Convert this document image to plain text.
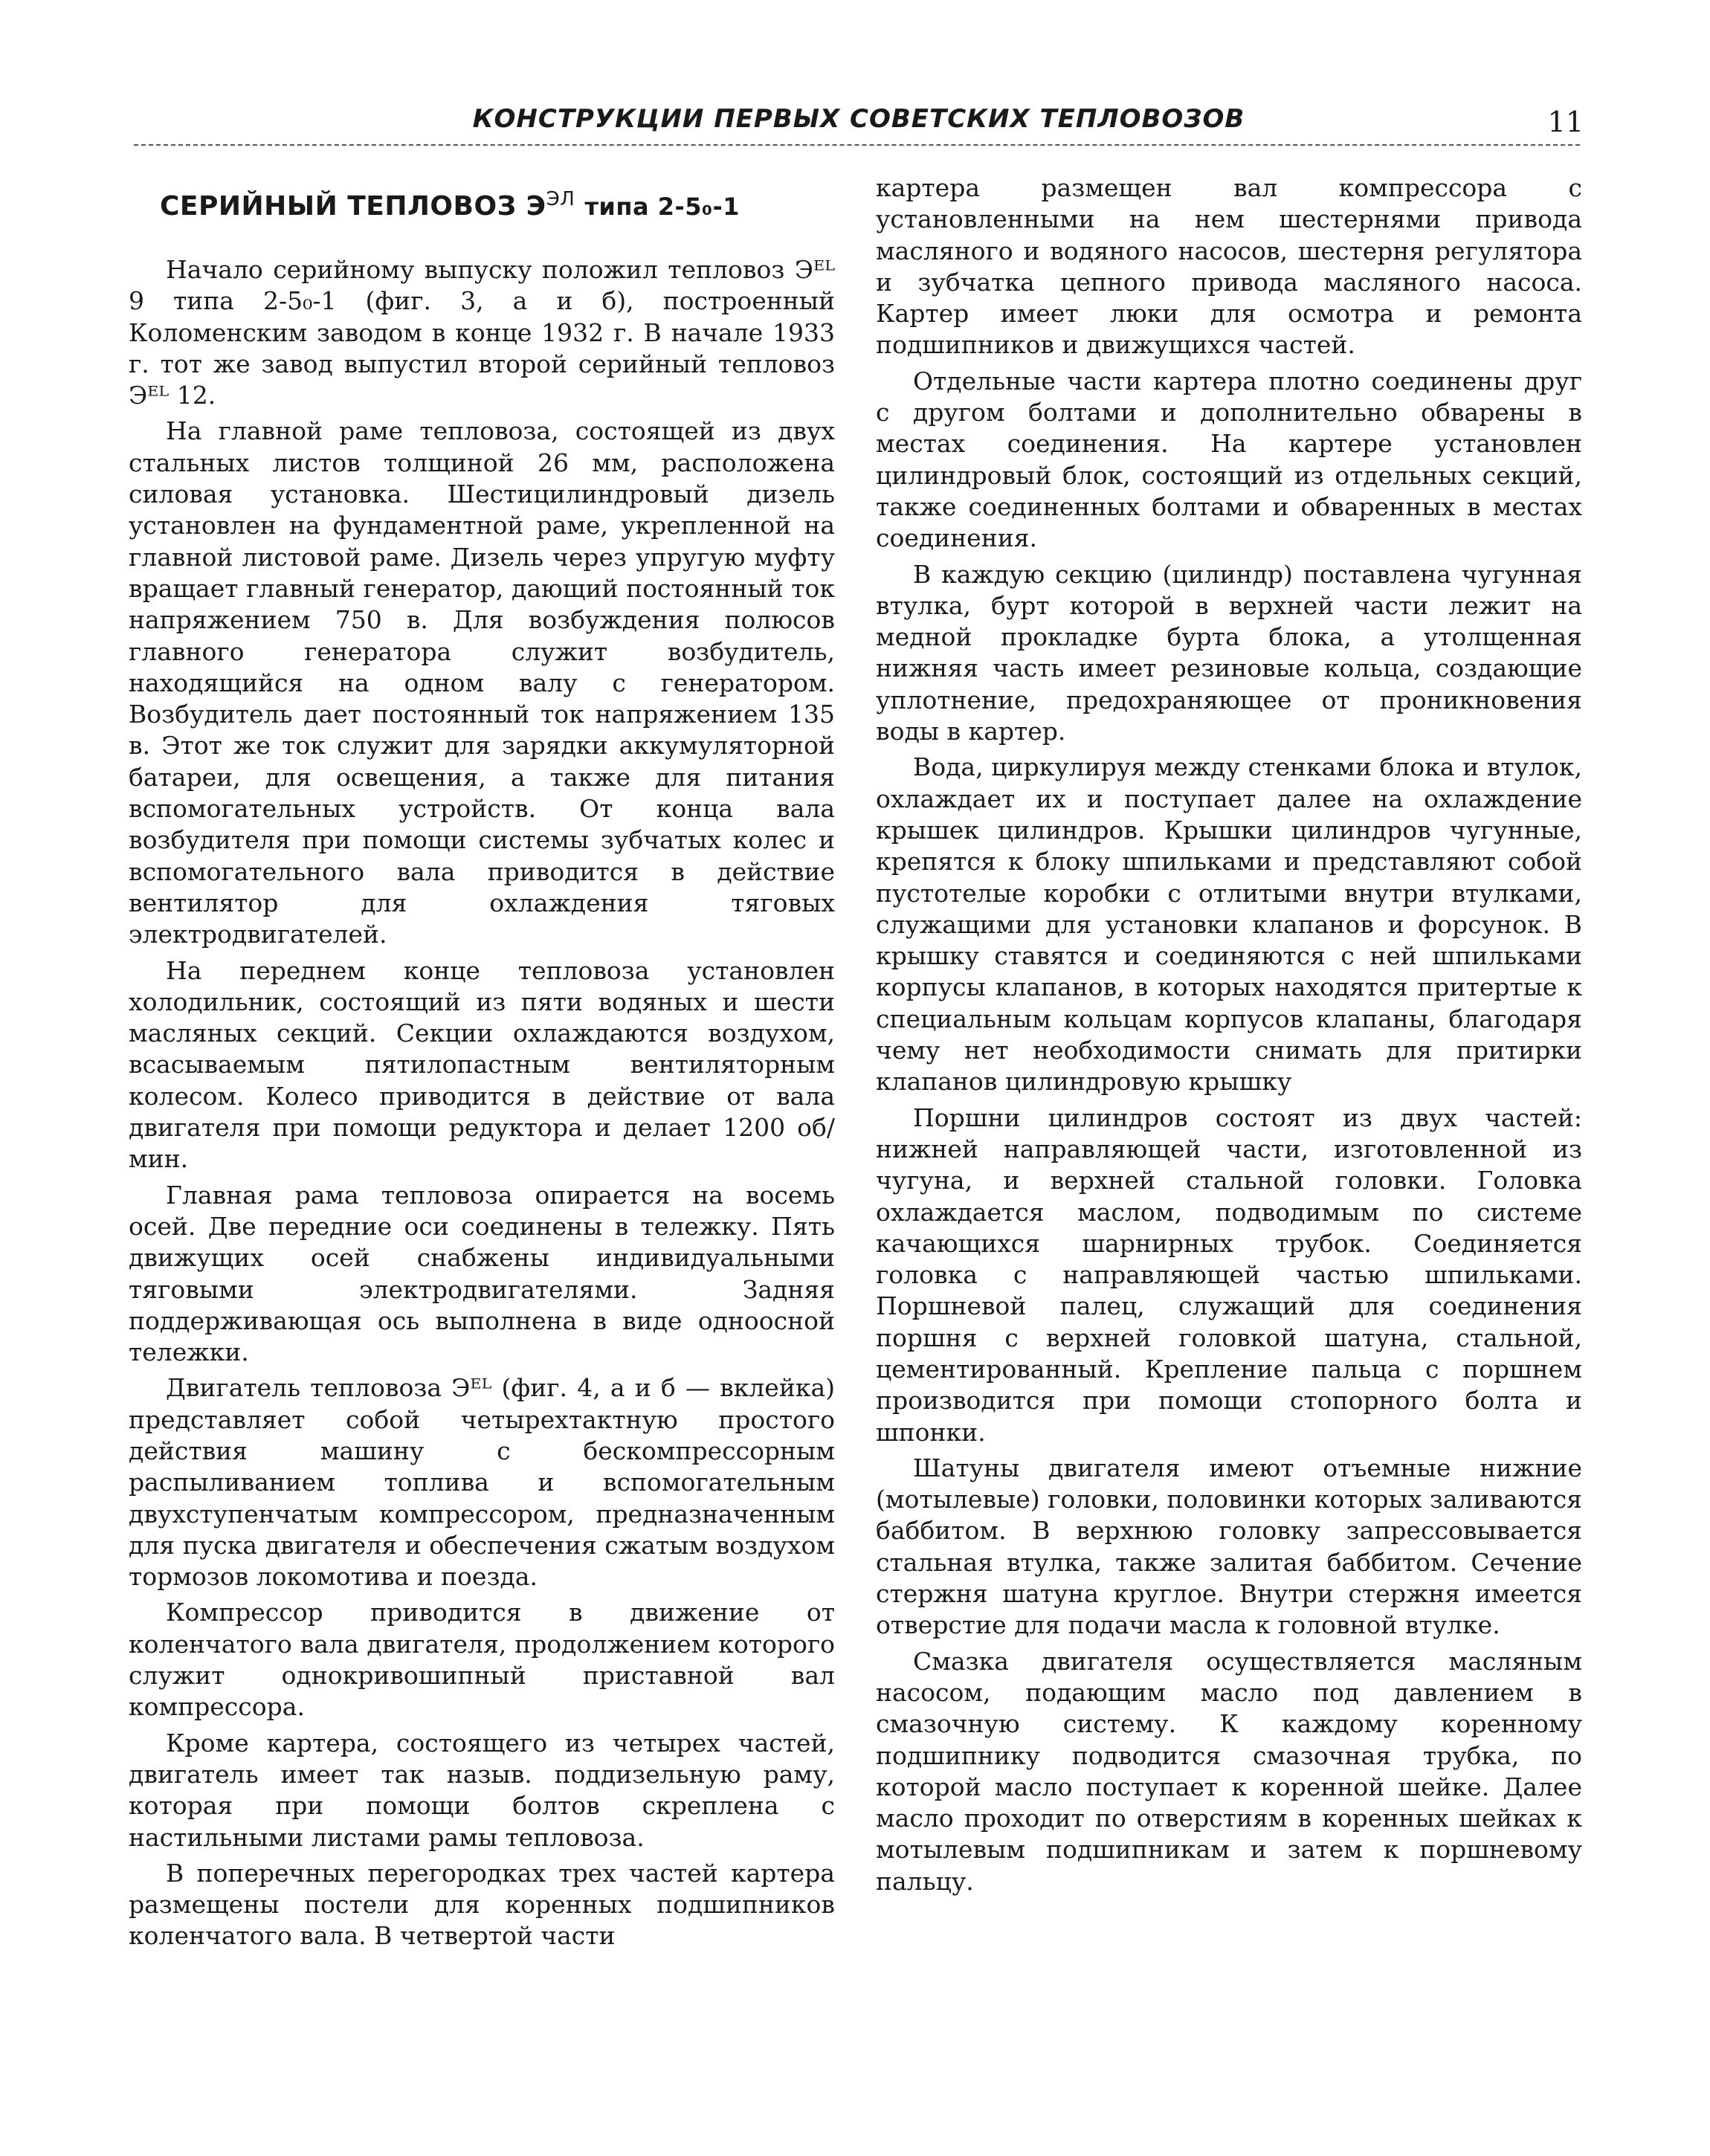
КОНСТРУКЦИИ ПЕРВЫХ СОВЕТСКИХ ТЕПЛОВОЗОВ	11
СЕРИЙНЫЙ ТЕПЛОВОЗ $Э^{ЭЛ}$ типа 2-5₀-1

Начало серийному выпуску положил тепловоз Эᴱᴸ 9 типа 2-5₀-1 (фиг. 3, а и б), построенный Коломенским заводом в конце 1932 г. В начале 1933 г. тот же завод выпустил второй серийный тепловоз Эᴱᴸ 12.

На главной раме тепловоза, состоящей из двух стальных листов толщиной 26 мм, расположена силовая установка. Шестицилиндровый дизель установлен на фундаментной раме, укрепленной на главной листовой раме. Дизель через упругую муфту вращает главный генератор, дающий постоянный ток напряжением 750 в. Для возбуждения полюсов главного генератора служит возбудитель, находящийся на одном валу с генератором. Возбудитель дает постоянный ток напряжением 135 в. Этот же ток служит для зарядки аккумуляторной батареи, для освещения, а также для питания вспомогательных устройств. От конца вала возбудителя при помощи системы зубчатых колес и вспомогательного вала приводится в действие вентилятор для охлаждения тяговых электродвигателей.

На переднем конце тепловоза установлен холодильник, состоящий из пяти водяных и шести масляных секций. Секции охлаждаются воздухом, всасываемым пятилопастным вентиляторным колесом. Колесо приводится в действие от вала двигателя при помощи редуктора и делает 1200 об/мин.

Главная рама тепловоза опирается на восемь осей. Две передние оси соединены в тележку. Пять движущих осей снабжены индивидуальными тяговыми электродвигателями. Задняя поддерживающая ось выполнена в виде одноосной тележки.

Двигатель тепловоза Эᴱᴸ (фиг. 4, а и б — вклейка) представляет собой четырехтактную простого действия машину с бескомпрессорным распыливанием топлива и вспомогательным двухступенчатым компрессором, предназначенным для пуска двигателя и обеспечения сжатым воздухом тормозов локомотива и поезда.

Компрессор приводится в движение от коленчатого вала двигателя, продолжением которого служит однокривошипный приставной вал компрессора.

Кроме картера, состоящего из четырех частей, двигатель имеет так назыв. поддизельную раму, которая при помощи болтов скреплена с настильными листами рамы тепловоза.

В поперечных перегородках трех частей картера размещены постели для коренных подшипников коленчатого вала. В четвертой части

картера размещен вал компрессора с установленными на нем шестернями привода масляного и водяного насосов, шестерня регулятора и зубчатка цепного привода масляного насоса. Картер имеет люки для осмотра и ремонта подшипников и движущихся частей.

Отдельные части картера плотно соединены друг с другом болтами и дополнительно обварены в местах соединения. На картере установлен цилиндровый блок, состоящий из отдельных секций, также соединенных болтами и обваренных в местах соединения.

В каждую секцию (цилиндр) поставлена чугунная втулка, бурт которой в верхней части лежит на медной прокладке бурта блока, а утолщенная нижняя часть имеет резиновые кольца, создающие уплотнение, предохраняющее от проникновения воды в картер.

Вода, циркулируя между стенками блока и втулок, охлаждает их и поступает далее на охлаждение крышек цилиндров. Крышки цилиндров чугунные, крепятся к блоку шпильками и представляют собой пустотелые коробки с отлитыми внутри втулками, служащими для установки клапанов и форсунок. В крышку ставятся и соединяются с ней шпильками корпусы клапанов, в которых находятся притертые к специальным кольцам корпусов клапаны, благодаря чему нет необходимости снимать для притирки клапанов цилиндровую крышку

Поршни цилиндров состоят из двух частей: нижней направляющей части, изготовленной из чугуна, и верхней стальной головки. Головка охлаждается маслом, подводимым по системе качающихся шарнирных трубок. Соединяется головка с направляющей частью шпильками. Поршневой палец, служащий для соединения поршня с верхней головкой шатуна, стальной, цементированный. Крепление пальца с поршнем производится при помощи стопорного болта и шпонки.

Шатуны двигателя имеют отъемные нижние (мотылевые) головки, половинки которых заливаются баббитом. В верхнюю головку запрессовывается стальная втулка, также залитая баббитом. Сечение стержня шатуна круглое. Внутри стержня имеется отверстие для подачи масла к головной втулке.

Смазка двигателя осуществляется масляным насосом, подающим масло под давлением в смазочную систему. К каждому коренному подшипнику подводится смазочная трубка, по которой масло поступает к коренной шейке. Далее масло проходит по отверстиям в коренных шейках к мотылевым подшипникам и затем к поршневому пальцу.
